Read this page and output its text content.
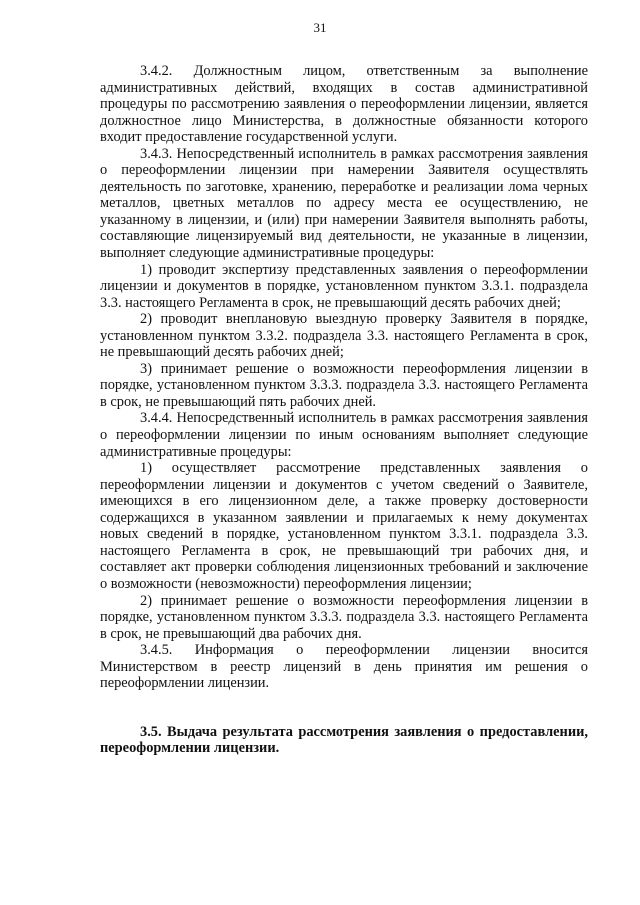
31

3.4.2. Должностным лицом, ответственным за выполнение административных действий, входящих в состав административной процедуры по рассмотрению заявления о переоформлении лицензии, является должностное лицо Министерства, в должностные обязанности которого входит предоставление государственной услуги.

3.4.3. Непосредственный исполнитель в рамках рассмотрения заявления о переоформлении лицензии при намерении Заявителя осуществлять деятельность по заготовке, хранению, переработке и реализации лома черных металлов, цветных металлов по адресу места ее осуществлению, не указанному в лицензии, и (или) при намерении Заявителя выполнять работы, составляющие лицензируемый вид деятельности, не указанные в лицензии, выполняет следующие административные процедуры:

1) проводит экспертизу представленных заявления о переоформлении лицензии и документов в порядке, установленном пунктом 3.3.1. подраздела 3.3. настоящего Регламента в срок, не превышающий десять рабочих дней;

2) проводит внеплановую выездную проверку Заявителя в порядке, установленном пунктом 3.3.2. подраздела 3.3. настоящего Регламента в срок, не превышающий десять рабочих дней;

3) принимает решение о возможности переоформления лицензии в порядке, установленном пунктом 3.3.3. подраздела 3.3. настоящего Регламента в срок, не превышающий пять рабочих дней.

3.4.4. Непосредственный исполнитель в рамках рассмотрения заявления о переоформлении лицензии по иным основаниям выполняет следующие административные процедуры:

1) осуществляет рассмотрение представленных заявления о переоформлении лицензии и документов с учетом сведений о Заявителе, имеющихся в его лицензионном деле, а также проверку достоверности содержащихся в указанном заявлении и прилагаемых к нему документах новых сведений в порядке, установленном пунктом 3.3.1. подраздела 3.3. настоящего Регламента в срок, не превышающий три рабочих дня, и составляет акт проверки соблюдения лицензионных требований и заключение о возможности (невозможности) переоформления лицензии;

2) принимает решение о возможности переоформления лицензии в порядке, установленном пунктом 3.3.3. подраздела 3.3. настоящего Регламента в срок, не превышающий два рабочих дня.

3.4.5. Информация о переоформлении лицензии вносится Министерством в реестр лицензий в день принятия им решения о переоформлении лицензии.

3.5. Выдача результата рассмотрения заявления о предоставлении, переоформлении лицензии.
